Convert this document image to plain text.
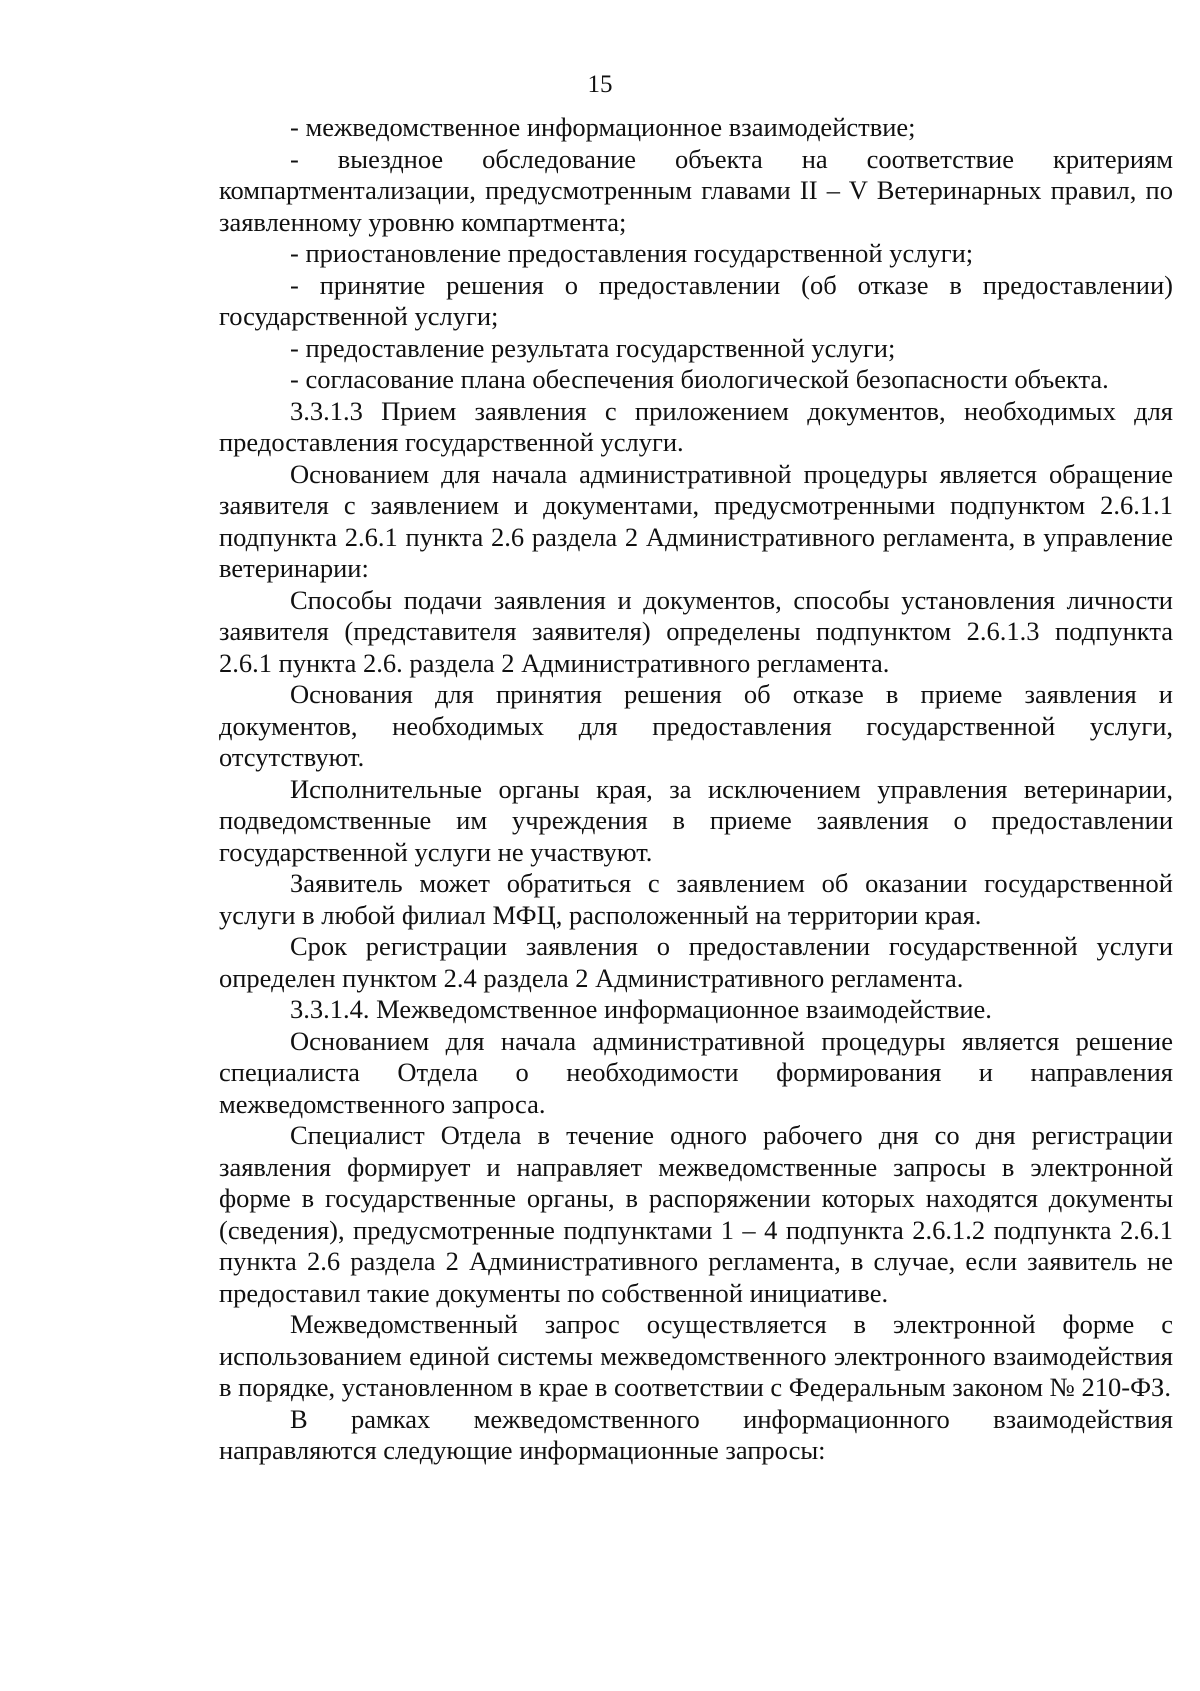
15

- межведомственное информационное взаимодействие;

- выездное обследование объекта на соответствие критериям компартментализации, предусмотренным главами II – V Ветеринарных правил, по заявленному уровню компартмента;

- приостановление предоставления государственной услуги;

- принятие решения о предоставлении (об отказе в предоставлении) государственной услуги;

- предоставление результата государственной услуги;

- согласование плана обеспечения биологической безопасности объекта.

3.3.1.3 Прием заявления с приложением документов, необходимых для предоставления государственной услуги.

Основанием для начала административной процедуры является обращение заявителя с заявлением и документами, предусмотренными подпунктом 2.6.1.1 подпункта 2.6.1 пункта 2.6 раздела 2 Административного регламента, в управление ветеринарии:

Способы подачи заявления и документов, способы установления личности заявителя (представителя заявителя) определены подпунктом 2.6.1.3 подпункта 2.6.1 пункта 2.6. раздела 2 Административного регламента.

Основания для принятия решения об отказе в приеме заявления и документов, необходимых для предоставления государственной услуги, отсутствуют.

Исполнительные органы края, за исключением управления ветеринарии, подведомственные им учреждения в приеме заявления о предоставлении государственной услуги не участвуют.

Заявитель может обратиться с заявлением об оказании государственной услуги в любой филиал МФЦ, расположенный на территории края.

Срок регистрации заявления о предоставлении государственной услуги определен пунктом 2.4 раздела 2 Административного регламента.

3.3.1.4. Межведомственное информационное взаимодействие.

Основанием для начала административной процедуры является решение специалиста Отдела о необходимости формирования и направления межведомственного запроса.

Специалист Отдела в течение одного рабочего дня со дня регистрации заявления формирует и направляет межведомственные запросы в электронной форме в государственные органы, в распоряжении которых находятся документы (сведения), предусмотренные подпунктами 1 – 4 подпункта 2.6.1.2 подпункта 2.6.1 пункта 2.6 раздела 2 Административного регламента, в случае, если заявитель не предоставил такие документы по собственной инициативе.

Межведомственный запрос осуществляется в электронной форме с использованием единой системы межведомственного электронного взаимодействия в порядке, установленном в крае в соответствии с Федеральным законом № 210-ФЗ.

В рамках межведомственного информационного взаимодействия направляются следующие информационные запросы:
